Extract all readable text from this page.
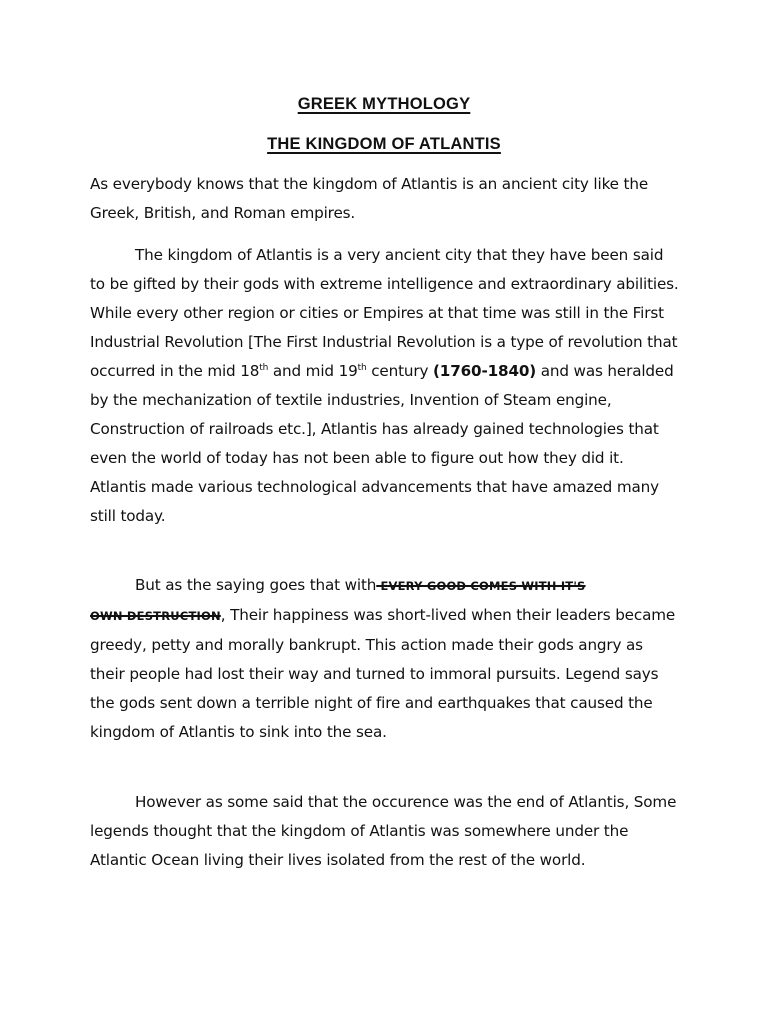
GREEK MYTHOLOGY
THE KINGDOM OF ATLANTIS

As everybody knows that the kingdom of Atlantis is an ancient city like the Greek, British, and Roman empires.

The kingdom of Atlantis is a very ancient city that they have been said to be gifted by their gods with extreme intelligence and extraordinary abilities. While every other region or cities or Empires at that time was still in the First Industrial Revolution [The First Industrial Revolution is a type of revolution that occurred in the mid 18th and mid 19th century (1760-1840) and was heralded by the mechanization of textile industries, Invention of Steam engine, Construction of railroads etc.], Atlantis has already gained technologies that even the world of today has not been able to figure out how they did it. Atlantis made various technological advancements that have amazed many still today.

But as the saying goes that with EVERY GOOD COMES WITH IT'S
OWN DESTRUCTION, Their happiness was short-lived when their leaders became greedy, petty and morally bankrupt. This action made their gods angry as their people had lost their way and turned to immoral pursuits. Legend says the gods sent down a terrible night of fire and earthquakes that caused the kingdom of Atlantis to sink into the sea.

However as some said that the occurence was the end of Atlantis, Some legends thought that the kingdom of Atlantis was somewhere under the Atlantic Ocean living their lives isolated from the rest of the world.
